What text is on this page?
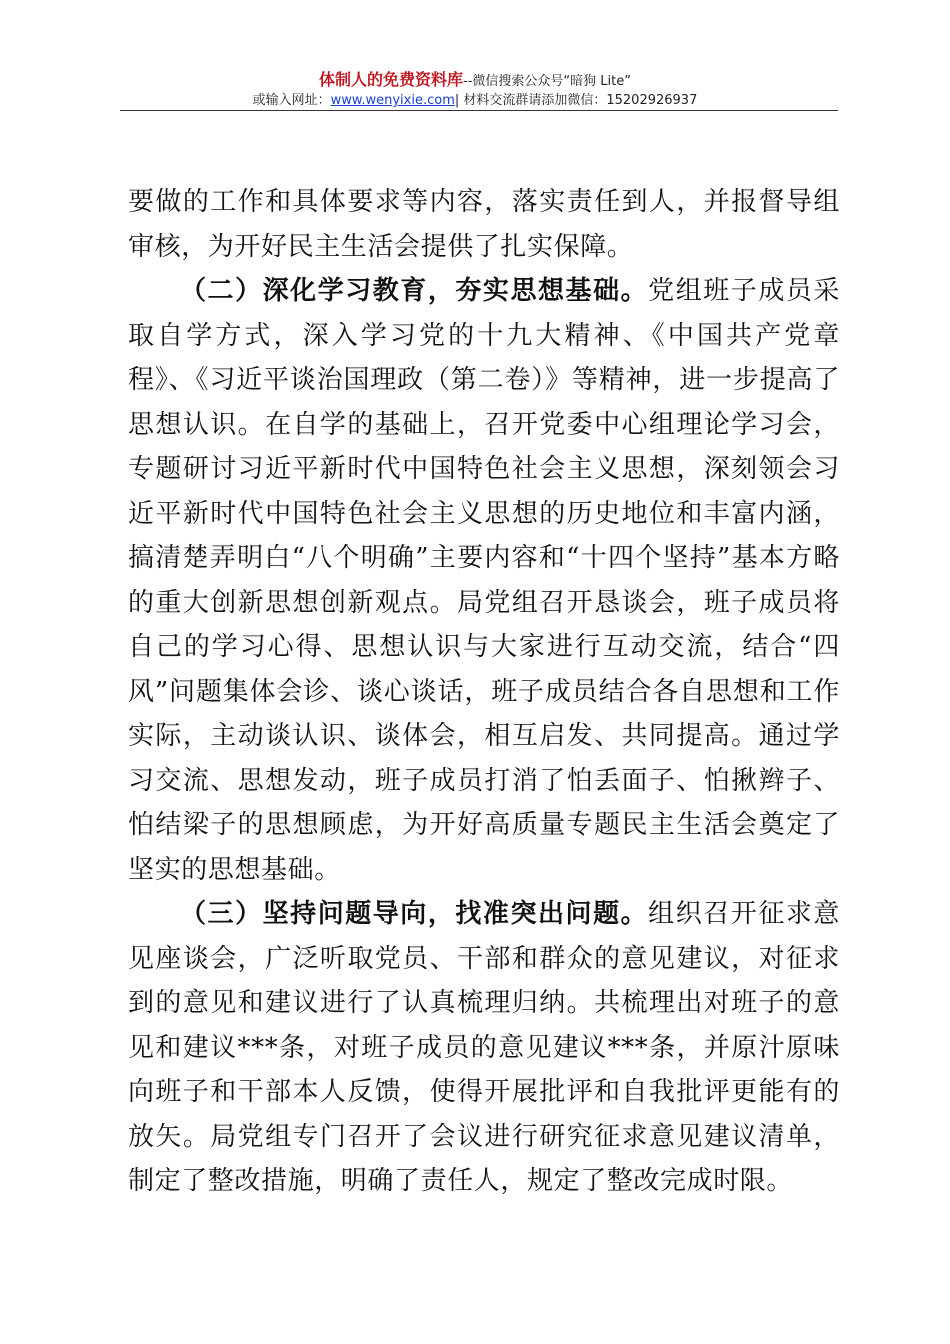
体制人的免费资料库--微信搜索公众号“暗狗 Lite”
或输入网址：www.wenyixie.com| 材料交流群请添加微信：15202926937

要做的工作和具体要求等内容，落实责任到人，并报督导组审核，为开好民主生活会提供了扎实保障。

（二）深化学习教育，夯实思想基础。党组班子成员采取自学方式，深入学习党的十九大精神、《中国共产党章程》、《习近平谈治国理政（第二卷）》等精神，进一步提高了思想认识。在自学的基础上，召开党委中心组理论学习会，专题研讨习近平新时代中国特色社会主义思想，深刻领会习近平新时代中国特色社会主义思想的历史地位和丰富内涵，搞清楚弄明白“八个明确”主要内容和“十四个坚持”基本方略的重大创新思想创新观点。局党组召开恳谈会，班子成员将自己的学习心得、思想认识与大家进行互动交流，结合“四风”问题集体会诊、谈心谈话，班子成员结合各自思想和工作实际，主动谈认识、谈体会，相互启发、共同提高。通过学习交流、思想发动，班子成员打消了怕丢面子、怕揪辫子、怕结梁子的思想顾虑，为开好高质量专题民主生活会奠定了坚实的思想基础。

（三）坚持问题导向，找准突出问题。组织召开征求意见座谈会，广泛听取党员、干部和群众的意见建议，对征求到的意见和建议进行了认真梳理归纳。共梳理出对班子的意见和建议***条，对班子成员的意见建议***条，并原汁原味向班子和干部本人反馈，使得开展批评和自我批评更能有的放矢。局党组专门召开了会议进行研究征求意见建议清单，制定了整改措施，明确了责任人，规定了整改完成时限。
